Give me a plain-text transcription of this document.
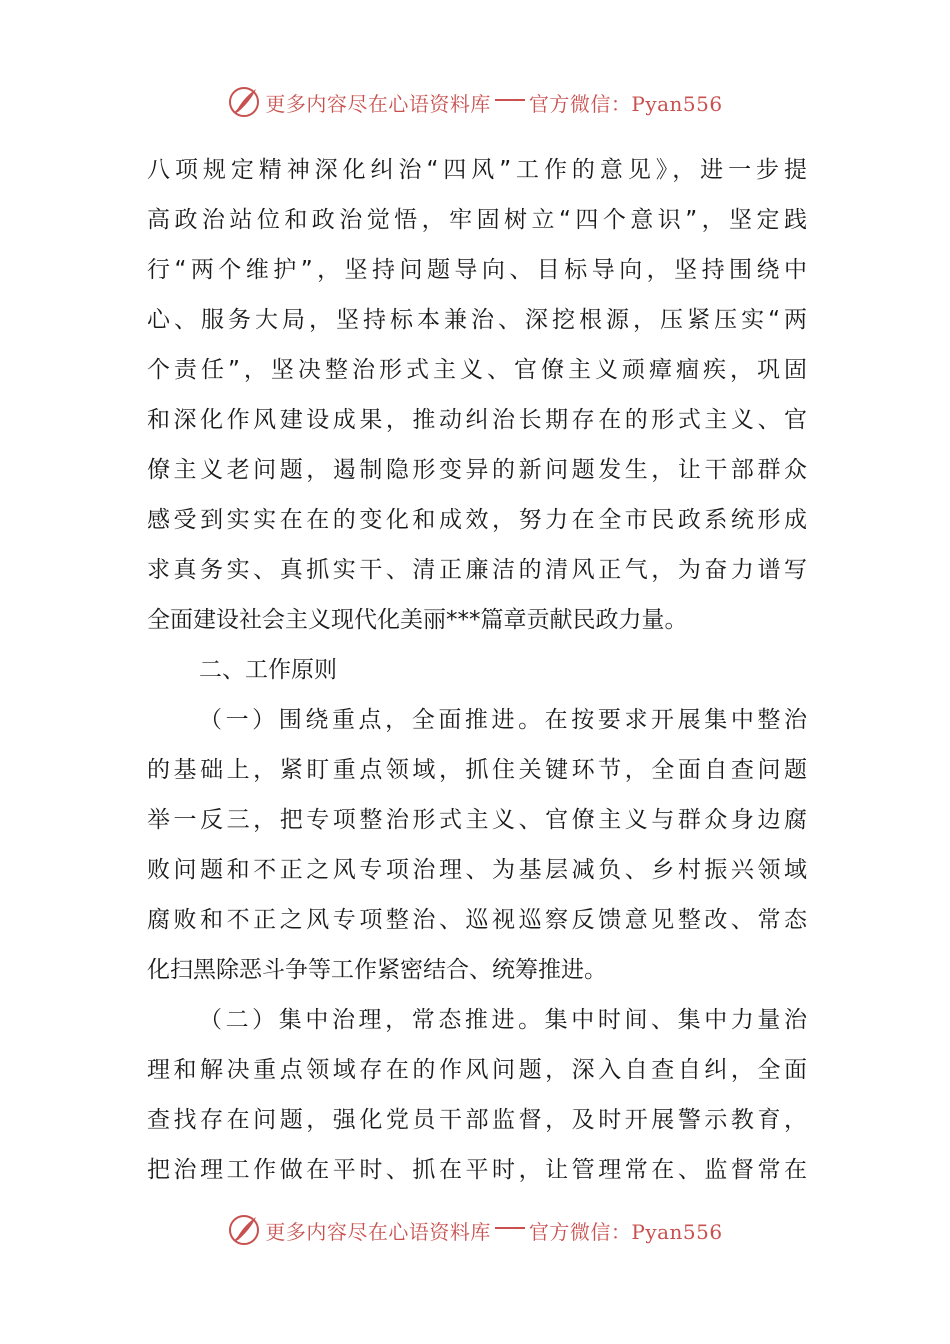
更多内容尽在心语资料库 官方微信：Pyan556
八项规定精神深化纠治“四风”工作的意见》，进一步提
高政治站位和政治觉悟，牢固树立“四个意识”，坚定践
行“两个维护”，坚持问题导向、目标导向，坚持围绕中
心、服务大局，坚持标本兼治、深挖根源，压紧压实“两
个责任”，坚决整治形式主义、官僚主义顽瘴痼疾，巩固
和深化作风建设成果，推动纠治长期存在的形式主义、官
僚主义老问题，遏制隐形变异的新问题发生，让干部群众
感受到实实在在的变化和成效，努力在全市民政系统形成
求真务实、真抓实干、清正廉洁的清风正气，为奋力谱写
全面建设社会主义现代化美丽***篇章贡献民政力量。
二、工作原则
（一）围绕重点，全面推进。在按要求开展集中整治
的基础上，紧盯重点领域，抓住关键环节，全面自查问题
举一反三，把专项整治形式主义、官僚主义与群众身边腐
败问题和不正之风专项治理、为基层减负、乡村振兴领域
腐败和不正之风专项整治、巡视巡察反馈意见整改、常态
化扫黑除恶斗争等工作紧密结合、统筹推进。
（二）集中治理，常态推进。集中时间、集中力量治
理和解决重点领域存在的作风问题，深入自查自纠，全面
查找存在问题，强化党员干部监督，及时开展警示教育，
把治理工作做在平时、抓在平时，让管理常在、监督常在
更多内容尽在心语资料库 官方微信：Pyan556
